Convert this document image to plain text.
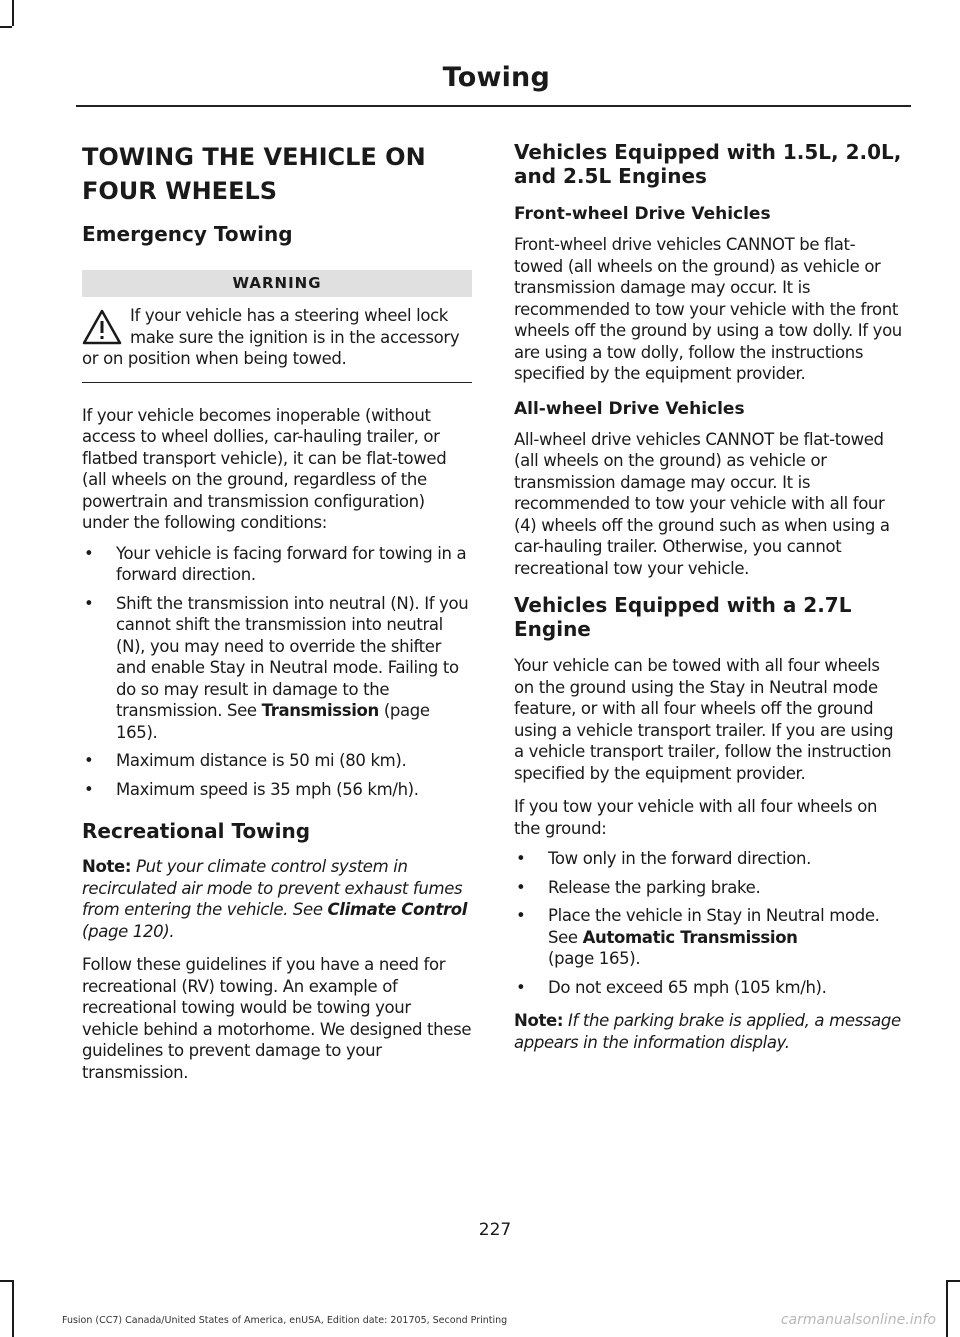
Towing
TOWING THE VEHICLE ON
FOUR WHEELS
Emergency Towing
WARNING

If your vehicle has a steering wheel lock make sure the ignition is in the accessory or on position when being towed.

If your vehicle becomes inoperable (without access to wheel dollies, car-hauling trailer, or flatbed transport vehicle), it can be flat-towed (all wheels on the ground, regardless of the powertrain and transmission configuration) under the following conditions:

• Your vehicle is facing forward for towing in a forward direction.
• Shift the transmission into neutral (N). If you cannot shift the transmission into neutral (N), you may need to override the shifter and enable Stay in Neutral mode. Failing to do so may result in damage to the transmission. See Transmission (page 165).
• Maximum distance is 50 mi (80 km).
• Maximum speed is 35 mph (56 km/h).
Recreational Towing

Note: Put your climate control system in recirculated air mode to prevent exhaust fumes from entering the vehicle. See Climate Control (page 120).

Follow these guidelines if you have a need for recreational (RV) towing. An example of recreational towing would be towing your vehicle behind a motorhome. We designed these guidelines to prevent damage to your transmission.

Vehicles Equipped with 1.5L, 2.0L, and 2.5L Engines
Front-wheel Drive Vehicles

Front-wheel drive vehicles CANNOT be flat-towed (all wheels on the ground) as vehicle or transmission damage may occur. It is recommended to tow your vehicle with the front wheels off the ground by using a tow dolly. If you are using a tow dolly, follow the instructions specified by the equipment provider.

All-wheel Drive Vehicles

All-wheel drive vehicles CANNOT be flat-towed (all wheels on the ground) as vehicle or transmission damage may occur. It is recommended to tow your vehicle with all four (4) wheels off the ground such as when using a car-hauling trailer. Otherwise, you cannot recreational tow your vehicle.

Vehicles Equipped with a 2.7L Engine

Your vehicle can be towed with all four wheels on the ground using the Stay in Neutral mode feature, or with all four wheels off the ground using a vehicle transport trailer. If you are using a vehicle transport trailer, follow the instruction specified by the equipment provider.

If you tow your vehicle with all four wheels on the ground:

• Tow only in the forward direction.
• Release the parking brake.
• Place the vehicle in Stay in Neutral mode. See Automatic Transmission
(page 165).
• Do not exceed 65 mph (105 km/h).

Note: If the parking brake is applied, a message appears in the information display.

227
Fusion (CC7) Canada/United States of America, enUSA, Edition date: 201705, Second Printing	carmanualsonline.info
